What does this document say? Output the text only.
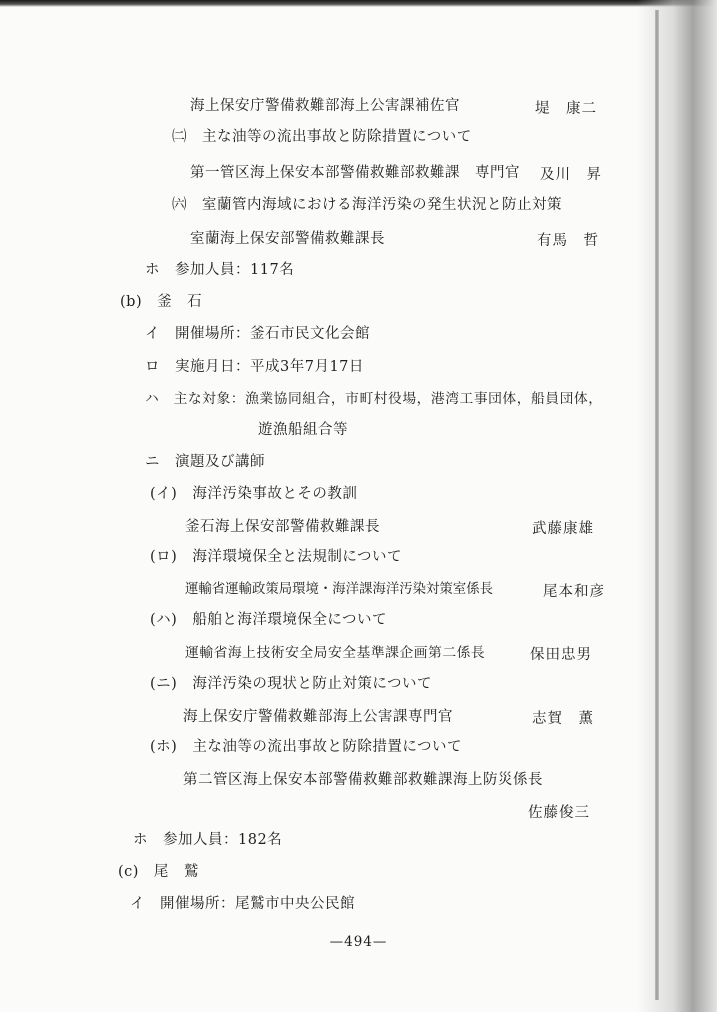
海上保安庁警備救難部海上公害課補佐官	堤　康二
㈡　主な油等の流出事故と防除措置について
第一管区海上保安本部警備救難部救難課　専門官 及川　昇
㈥　室蘭管内海域における海洋汚染の発生状況と防止対策
室蘭海上保安部警備救難課長	有馬　哲
ホ　参加人員：117名
(b)　釜　石
イ　開催場所：釜石市民文化会館
ロ　実施月日：平成3年7月17日
ハ　主な対象：漁業協同組合，市町村役場，港湾工事団体，船員団体，
遊漁船組合等
ニ　演題及び講師
(イ)　海洋汚染事故とその教訓
釜石海上保安部警備救難課長	武藤康雄
(ロ)　海洋環境保全と法規制について
運輸省運輸政策局環境・海洋課海洋汚染対策室係長	尾本和彦
(ハ)　船舶と海洋環境保全について
運輸省海上技術安全局安全基準課企画第二係長	保田忠男
(ニ)　海洋汚染の現状と防止対策について
海上保安庁警備救難部海上公害課専門官	志賀　薫
(ホ)　主な油等の流出事故と防除措置について
第二管区海上保安本部警備救難部救難課海上防災係長
佐藤俊三
ホ　参加人員：182名
(c)　尾　鷲
イ　開催場所：尾鷲市中央公民館
—494—
